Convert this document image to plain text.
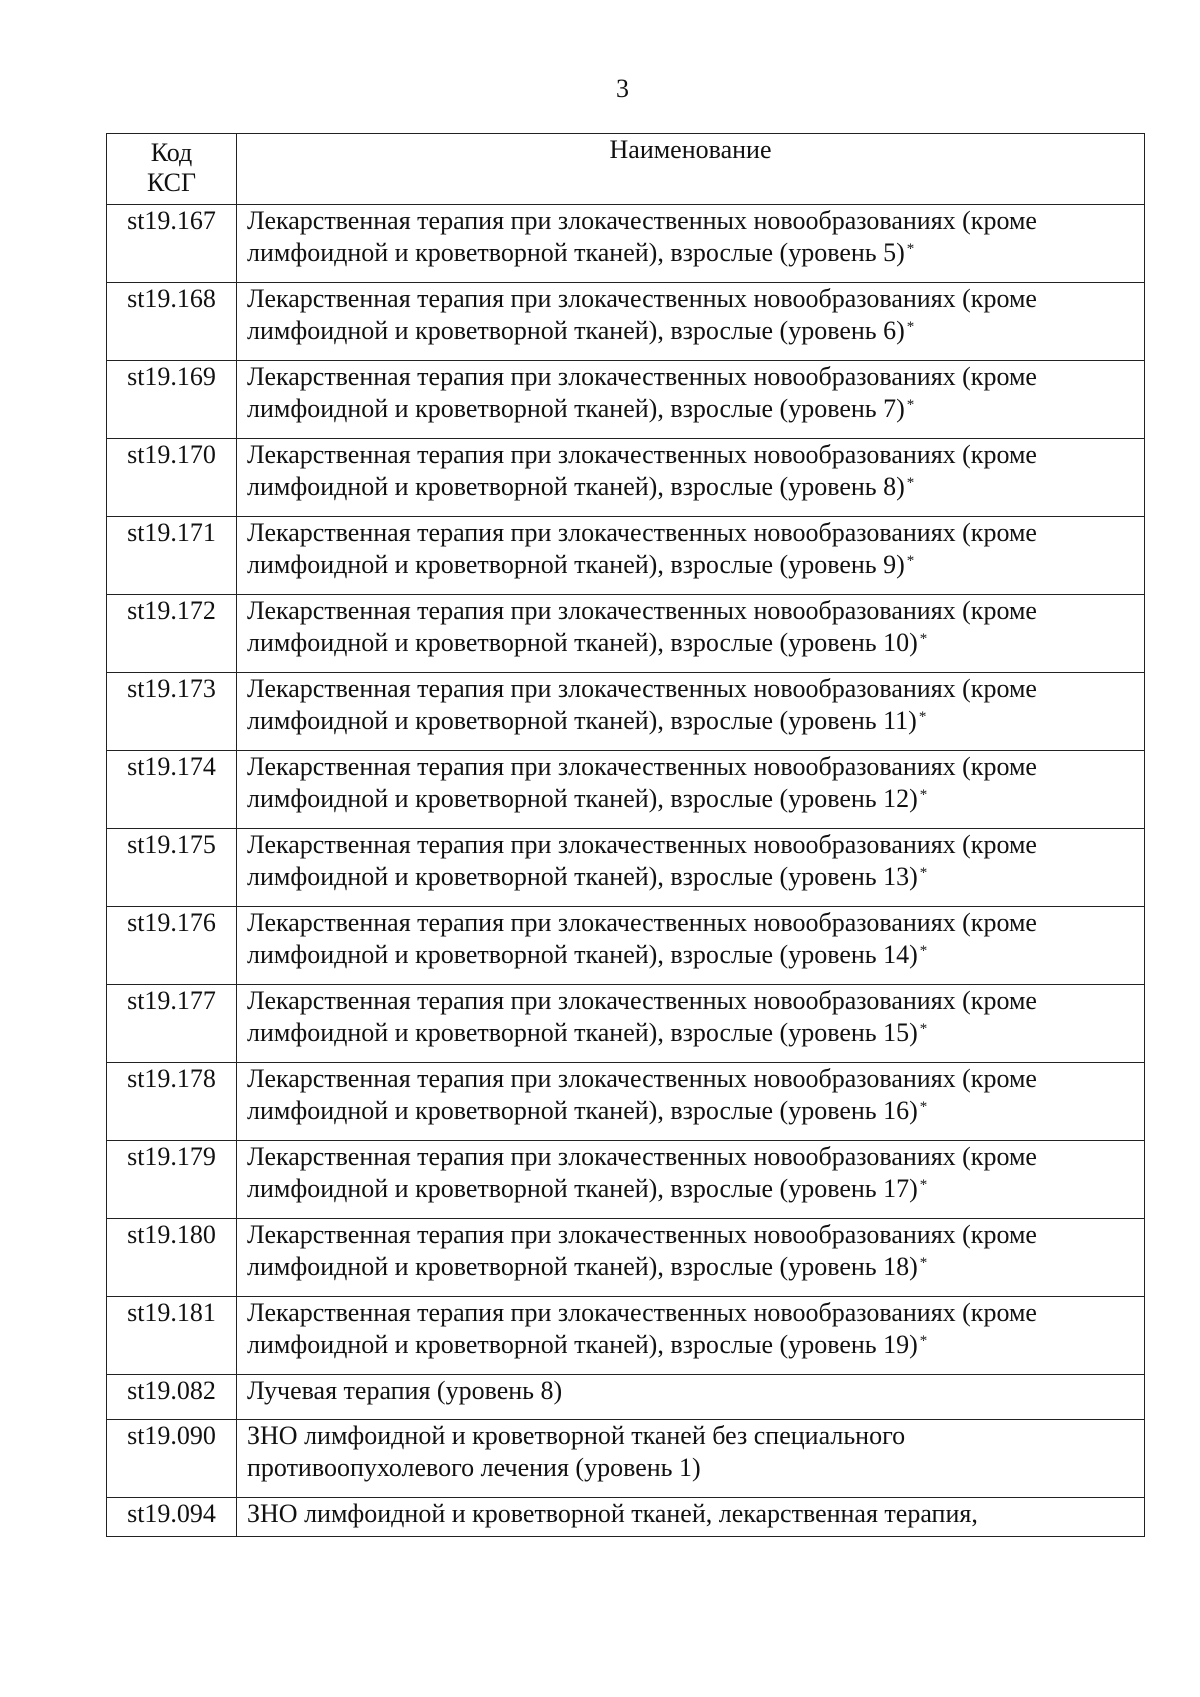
3
Код
КСГ	Наименование
st19.167	Лекарственная терапия при злокачественных новообразованиях (кроме
лимфоидной и кроветворной тканей), взрослые (уровень 5) *

st19.168	Лекарственная терапия при злокачественных новообразованиях (кроме
лимфоидной и кроветворной тканей), взрослые (уровень 6) *

st19.169	Лекарственная терапия при злокачественных новообразованиях (кроме
лимфоидной и кроветворной тканей), взрослые (уровень 7) *

st19.170	Лекарственная терапия при злокачественных новообразованиях (кроме
лимфоидной и кроветворной тканей), взрослые (уровень 8) *

st19.171	Лекарственная терапия при злокачественных новообразованиях (кроме
лимфоидной и кроветворной тканей), взрослые (уровень 9) *

st19.172	Лекарственная терапия при злокачественных новообразованиях (кроме
лимфоидной и кроветворной тканей), взрослые (уровень 10) *

st19.173	Лекарственная терапия при злокачественных новообразованиях (кроме
лимфоидной и кроветворной тканей), взрослые (уровень 11) *

st19.174	Лекарственная терапия при злокачественных новообразованиях (кроме
лимфоидной и кроветворной тканей), взрослые (уровень 12) *

st19.175	Лекарственная терапия при злокачественных новообразованиях (кроме
лимфоидной и кроветворной тканей), взрослые (уровень 13) *

st19.176	Лекарственная терапия при злокачественных новообразованиях (кроме
лимфоидной и кроветворной тканей), взрослые (уровень 14) *

st19.177	Лекарственная терапия при злокачественных новообразованиях (кроме
лимфоидной и кроветворной тканей), взрослые (уровень 15) *

st19.178	Лекарственная терапия при злокачественных новообразованиях (кроме
лимфоидной и кроветворной тканей), взрослые (уровень 16) *

st19.179	Лекарственная терапия при злокачественных новообразованиях (кроме
лимфоидной и кроветворной тканей), взрослые (уровень 17) *

st19.180	Лекарственная терапия при злокачественных новообразованиях (кроме
лимфоидной и кроветворной тканей), взрослые (уровень 18) *

st19.181	Лекарственная терапия при злокачественных новообразованиях (кроме
лимфоидной и кроветворной тканей), взрослые (уровень 19) *

st19.082	Лучевая терапия (уровень 8)

st19.090	ЗНО лимфоидной и кроветворной тканей без специального
противоопухолевого лечения (уровень 1)

st19.094	ЗНО лимфоидной и кроветворной тканей, лекарственная терапия,
